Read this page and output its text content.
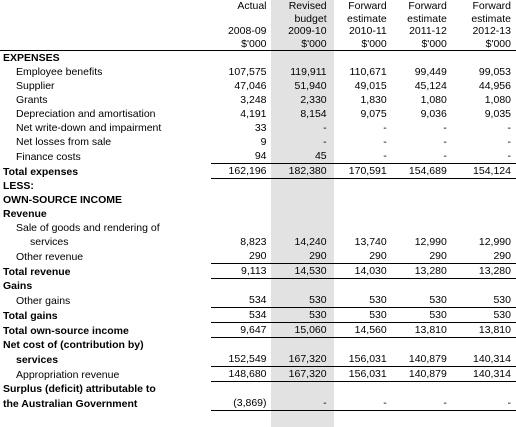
	Actual	Revised	Forward	Forward	Forward
		budget	estimate	estimate	estimate
	2008-09	2009-10	2010-11	2011-12	2012-13
	$'000	$'000	$'000	$'000	$'000
EXPENSES					
Employee benefits	107,575	119,911	110,671	99,449	99,053
Supplier	47,046	51,940	49,015	45,124	44,956
Grants	3,248	2,330	1,830	1,080	1,080
Depreciation and amortisation	4,191	8,154	9,075	9,036	9,035
Net write-down and impairment	33	-	-	-	-
Net losses from sale	9	-	-	-	-
Finance costs	94	45	-	-	-
Total expenses	162,196	182,380	170,591	154,689	154,124
LESS:					
OWN-SOURCE INCOME					
Revenue					
Sale of goods and rendering of					
services	8,823	14,240	13,740	12,990	12,990
Other revenue	290	290	290	290	290
Total revenue	9,113	14,530	14,030	13,280	13,280
Gains					
Other gains	534	530	530	530	530
Total gains	534	530	530	530	530
Total own-source income	9,647	15,060	14,560	13,810	13,810
Net cost of (contribution by)					
services	152,549	167,320	156,031	140,879	140,314
Appropriation revenue	148,680	167,320	156,031	140,879	140,314
Surplus (deficit) attributable to					
the Australian Government	(3,869)	-	-	-	-
